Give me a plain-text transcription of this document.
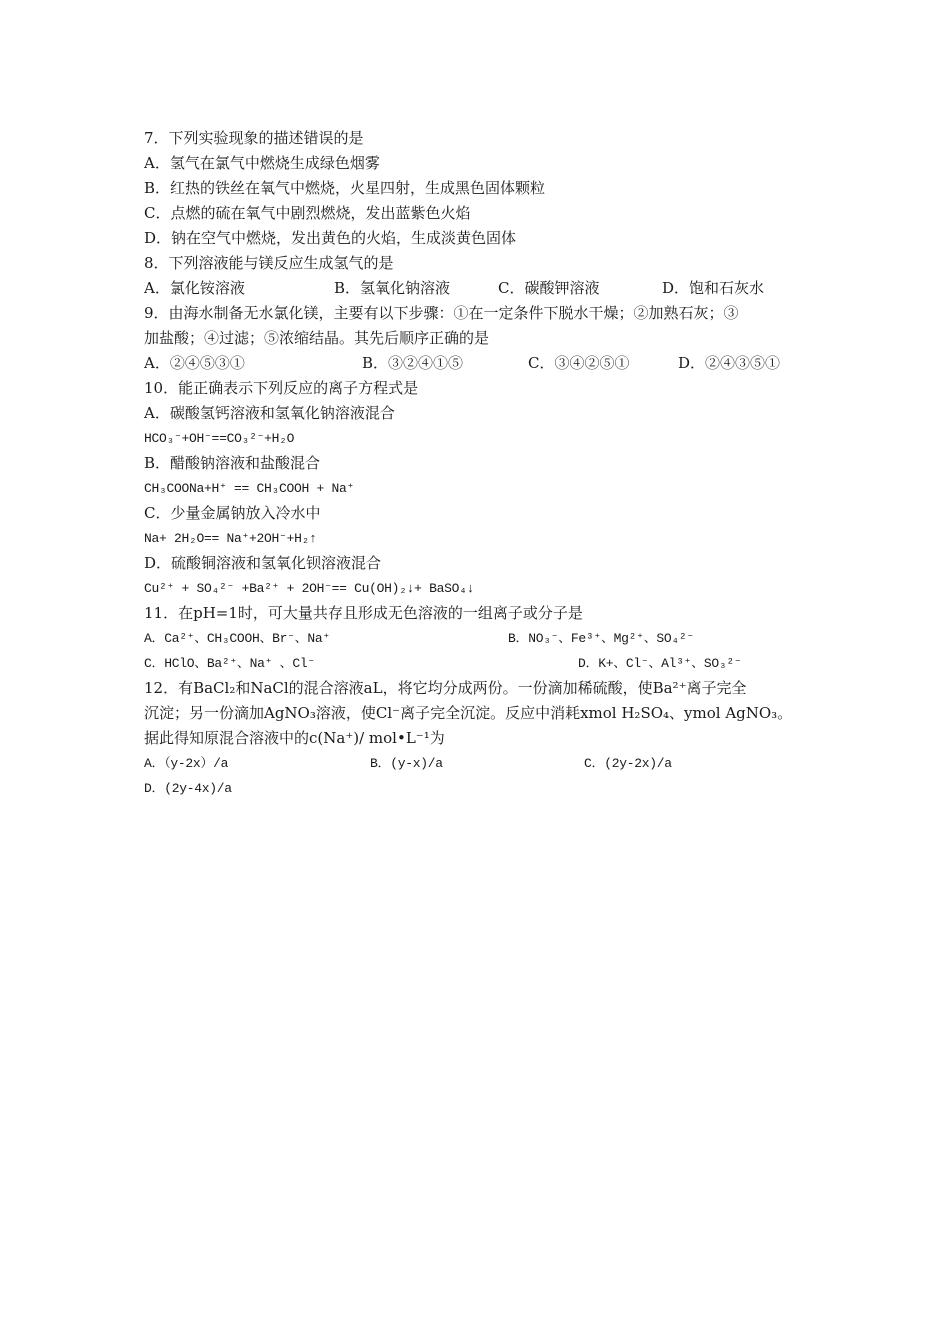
7．下列实验现象的描述错误的是
A．氢气在氯气中燃烧生成绿色烟雾
B．红热的铁丝在氧气中燃烧，火星四射，生成黑色固体颗粒
C．点燃的硫在氧气中剧烈燃烧，发出蓝紫色火焰
D．钠在空气中燃烧，发出黄色的火焰，生成淡黄色固体
8．下列溶液能与镁反应生成氢气的是
A．氯化铵溶液	B．氢氧化钠溶液	C．碳酸钾溶液	D．饱和石灰水
9．由海水制备无水氯化镁，主要有以下步骤：①在一定条件下脱水干燥；②加熟石灰；③
加盐酸；④过滤；⑤浓缩结晶。其先后顺序正确的是
A．②④⑤③①	B．③②④①⑤	C．③④②⑤①	D．②④③⑤①
10．能正确表示下列反应的离子方程式是
A．碳酸氢钙溶液和氢氧化钠溶液混合
HCO₃⁻+OH⁻==CO₃²⁻+H₂O
B．醋酸钠溶液和盐酸混合
CH₃COONa+H⁺ == CH₃COOH + Na⁺
C．少量金属钠放入冷水中
Na+ 2H₂O== Na⁺+2OH⁻+H₂↑
D．硫酸铜溶液和氢氧化钡溶液混合
Cu²⁺ + SO₄²⁻ +Ba²⁺ + 2OH⁻== Cu(OH)₂↓+ BaSO₄↓
11．在pH=1时，可大量共存且形成无色溶液的一组离子或分子是
A．Ca²⁺、CH₃COOH、Br⁻、Na⁺	B．NO₃⁻、Fe³⁺、Mg²⁺、SO₄²⁻
C．HClO、Ba²⁺、Na⁺ 、Cl⁻	D．K+、Cl⁻、Al³⁺、SO₃²⁻
12．有BaCl₂和NaCl的混合溶液aL，将它均分成两份。一份滴加稀硫酸，使Ba²⁺离子完全
沉淀；另一份滴加AgNO₃溶液，使Cl⁻离子完全沉淀。反应中消耗xmol H₂SO₄、ymol AgNO₃。
据此得知原混合溶液中的c(Na⁺)/ mol•L⁻¹为
A．（y-2x）/a	B．(y-x)/a	C．(2y-2x)/a
D．(2y-4x)/a
